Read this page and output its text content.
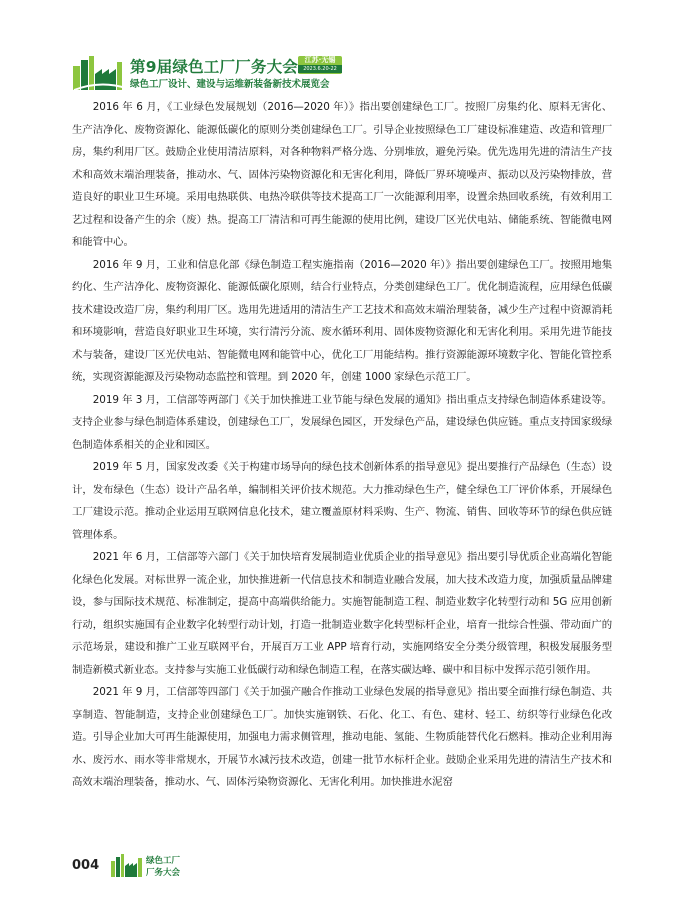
第9届绿色工厂厂务大会 江苏·无锡
2023.6.20-22
绿色工厂设计、建设与运维新装备新技术展览会

2016 年 6 月，《工业绿色发展规划（2016—2020 年）》指出要创建绿色工厂。按照厂房集约化、原料无害化、生产洁净化、废物资源化、能源低碳化的原则分类创建绿色工厂。引导企业按照绿色工厂建设标准建造、改造和管理厂房，集约利用厂区。鼓励企业使用清洁原料，对各种物料严格分选、分别堆放，避免污染。优先选用先进的清洁生产技术和高效末端治理装备，推动水、气、固体污染物资源化和无害化利用，降低厂界环境噪声、振动以及污染物排放，营造良好的职业卫生环境。采用电热联供、电热冷联供等技术提高工厂一次能源利用率，设置余热回收系统，有效利用工艺过程和设备产生的余（废）热。提高工厂清洁和可再生能源的使用比例，建设厂区光伏电站、储能系统、智能微电网和能管中心。

2016 年 9 月，工业和信息化部《绿色制造工程实施指南（2016—2020 年）》指出要创建绿色工厂。按照用地集约化、生产洁净化、废物资源化、能源低碳化原则，结合行业特点，分类创建绿色工厂。优化制造流程，应用绿色低碳技术建设改造厂房，集约利用厂区。选用先进适用的清洁生产工艺技术和高效末端治理装备，减少生产过程中资源消耗和环境影响，营造良好职业卫生环境，实行清污分流、废水循环利用、固体废物资源化和无害化利用。采用先进节能技术与装备，建设厂区光伏电站、智能微电网和能管中心，优化工厂用能结构。推行资源能源环境数字化、智能化管控系统，实现资源能源及污染物动态监控和管理。到 2020 年，创建 1000 家绿色示范工厂。

2019 年 3 月，工信部等两部门《关于加快推进工业节能与绿色发展的通知》指出重点支持绿色制造体系建设等。支持企业参与绿色制造体系建设，创建绿色工厂，发展绿色园区，开发绿色产品，建设绿色供应链。重点支持国家级绿色制造体系相关的企业和园区。

2019 年 5 月，国家发改委《关于构建市场导向的绿色技术创新体系的指导意见》提出要推行产品绿色（生态）设计，发布绿色（生态）设计产品名单，编制相关评价技术规范。大力推动绿色生产，健全绿色工厂评价体系，开展绿色工厂建设示范。推动企业运用互联网信息化技术，建立覆盖原材料采购、生产、物流、销售、回收等环节的绿色供应链管理体系。

2021 年 6 月，工信部等六部门《关于加快培育发展制造业优质企业的指导意见》指出要引导优质企业高端化智能化绿色化发展。对标世界一流企业，加快推进新一代信息技术和制造业融合发展，加大技术改造力度，加强质量品牌建设，参与国际技术规范、标准制定，提高中高端供给能力。实施智能制造工程、制造业数字化转型行动和 5G 应用创新行动，组织实施国有企业数字化转型行动计划，打造一批制造业数字化转型标杆企业，培育一批综合性强、带动面广的示范场景，建设和推广工业互联网平台，开展百万工业 APP 培育行动，实施网络安全分类分级管理，积极发展服务型制造新模式新业态。支持参与实施工业低碳行动和绿色制造工程，在落实碳达峰、碳中和目标中发挥示范引领作用。

2021 年 9 月，工信部等四部门《关于加强产融合作推动工业绿色发展的指导意见》指出要全面推行绿色制造、共享制造、智能制造，支持企业创建绿色工厂。加快实施钢铁、石化、化工、有色、建材、轻工、纺织等行业绿色化改造。引导企业加大可再生能源使用，加强电力需求侧管理，推动电能、氢能、生物质能替代化石燃料。推动企业利用海水、废污水、雨水等非常规水，开展节水减污技术改造，创建一批节水标杆企业。鼓励企业采用先进的清洁生产技术和高效末端治理装备，推动水、气、固体污染物资源化、无害化利用。加快推进水泥窑

004	绿色工厂
厂务大会
